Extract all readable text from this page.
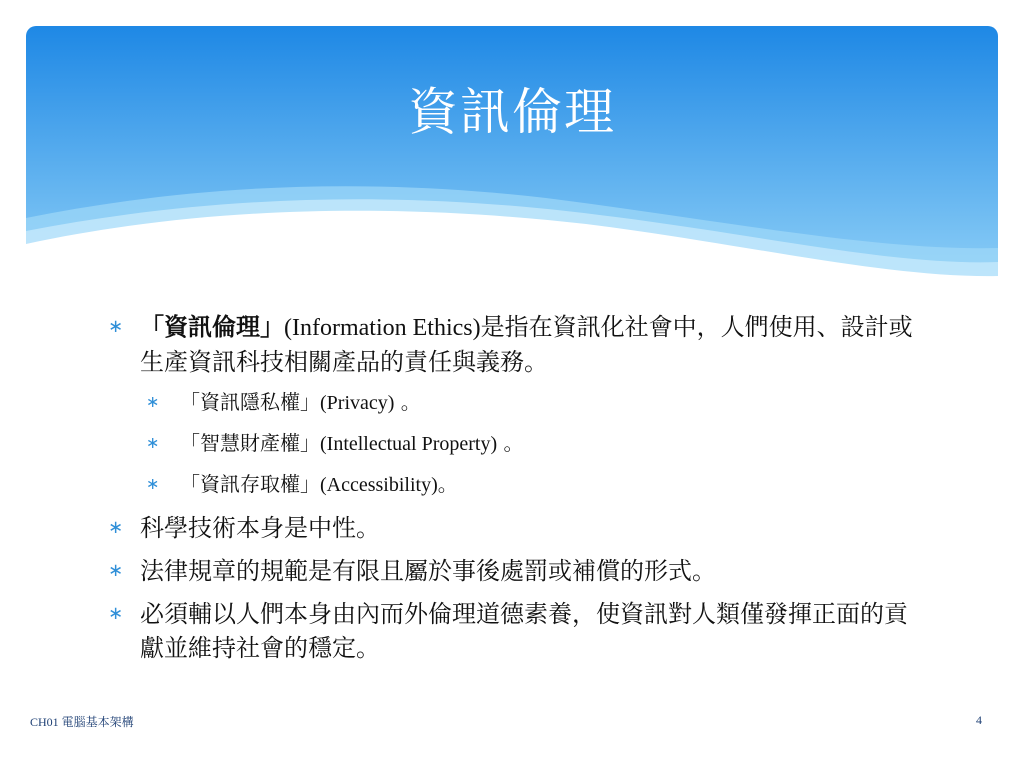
資訊倫理
∗ 「資訊倫理」(Information Ethics)是指在資訊化社會中，人們使用、設計或生產資訊科技相關產品的責任與義務。
∗ 「資訊隱私權」(Privacy) 。
∗ 「智慧財產權」(Intellectual Property) 。
∗ 「資訊存取權」(Accessibility)。
∗ 科學技術本身是中性。
∗ 法律規章的規範是有限且屬於事後處罰或補償的形式。
∗ 必須輔以人們本身由內而外倫理道德素養，使資訊對人類僅發揮正面的貢獻並維持社會的穩定。
CH01 電腦基本架構	4
